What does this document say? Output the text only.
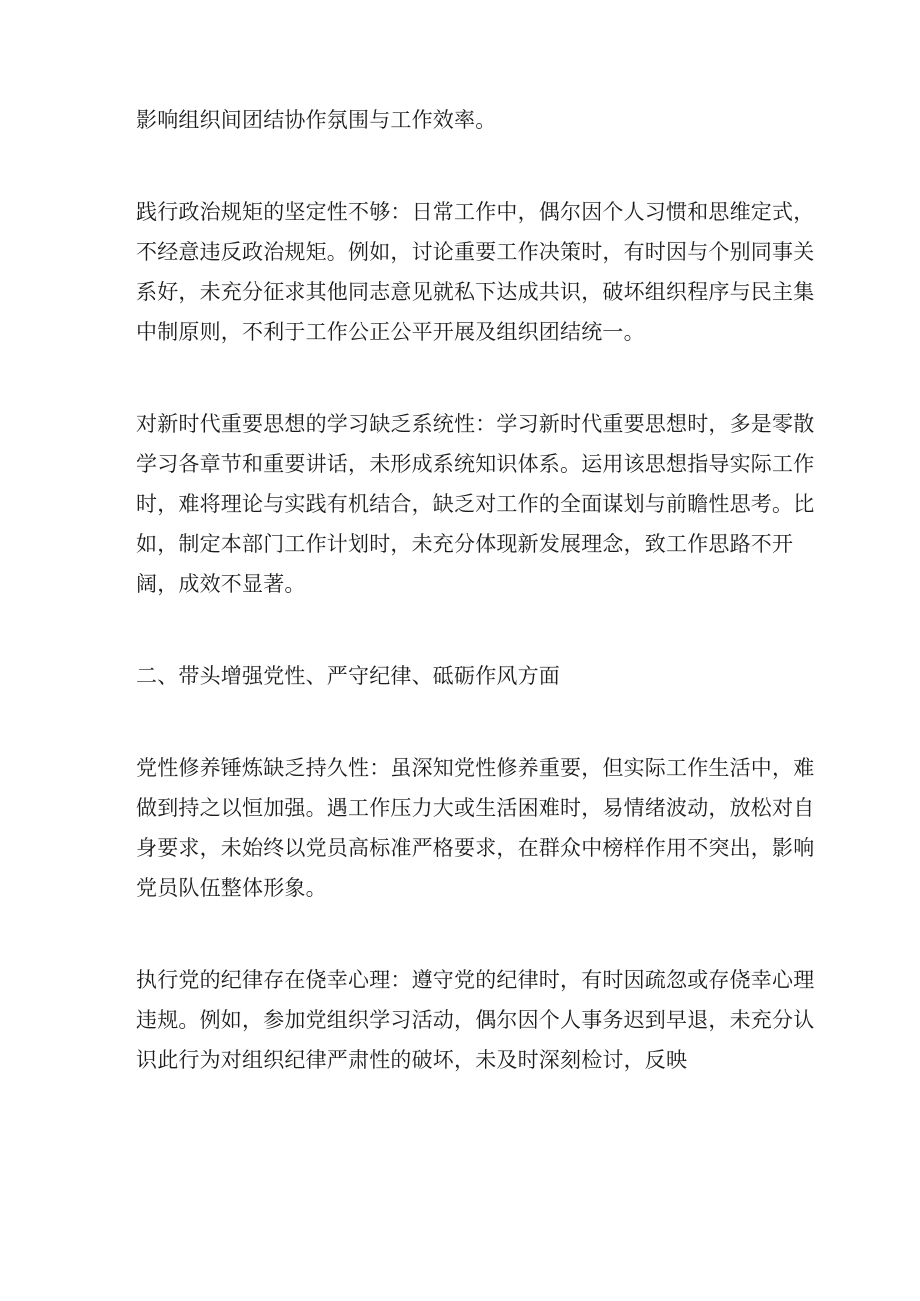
影响组织间团结协作氛围与工作效率。

践行政治规矩的坚定性不够：日常工作中，偶尔因个人习惯和思维定式，不经意违反政治规矩。例如，讨论重要工作决策时，有时因与个别同事关系好，未充分征求其他同志意见就私下达成共识，破坏组织程序与民主集中制原则，不利于工作公正公平开展及组织团结统一。

对新时代重要思想的学习缺乏系统性：学习新时代重要思想时，多是零散学习各章节和重要讲话，未形成系统知识体系。运用该思想指导实际工作时，难将理论与实践有机结合，缺乏对工作的全面谋划与前瞻性思考。比如，制定本部门工作计划时，未充分体现新发展理念，致工作思路不开阔，成效不显著。

二、带头增强党性、严守纪律、砥砺作风方面

党性修养锤炼缺乏持久性：虽深知党性修养重要，但实际工作生活中，难做到持之以恒加强。遇工作压力大或生活困难时，易情绪波动，放松对自身要求，未始终以党员高标准严格要求，在群众中榜样作用不突出，影响党员队伍整体形象。

执行党的纪律存在侥幸心理：遵守党的纪律时，有时因疏忽或存侥幸心理违规。例如，参加党组织学习活动，偶尔因个人事务迟到早退，未充分认识此行为对组织纪律严肃性的破坏，未及时深刻检讨，反映
